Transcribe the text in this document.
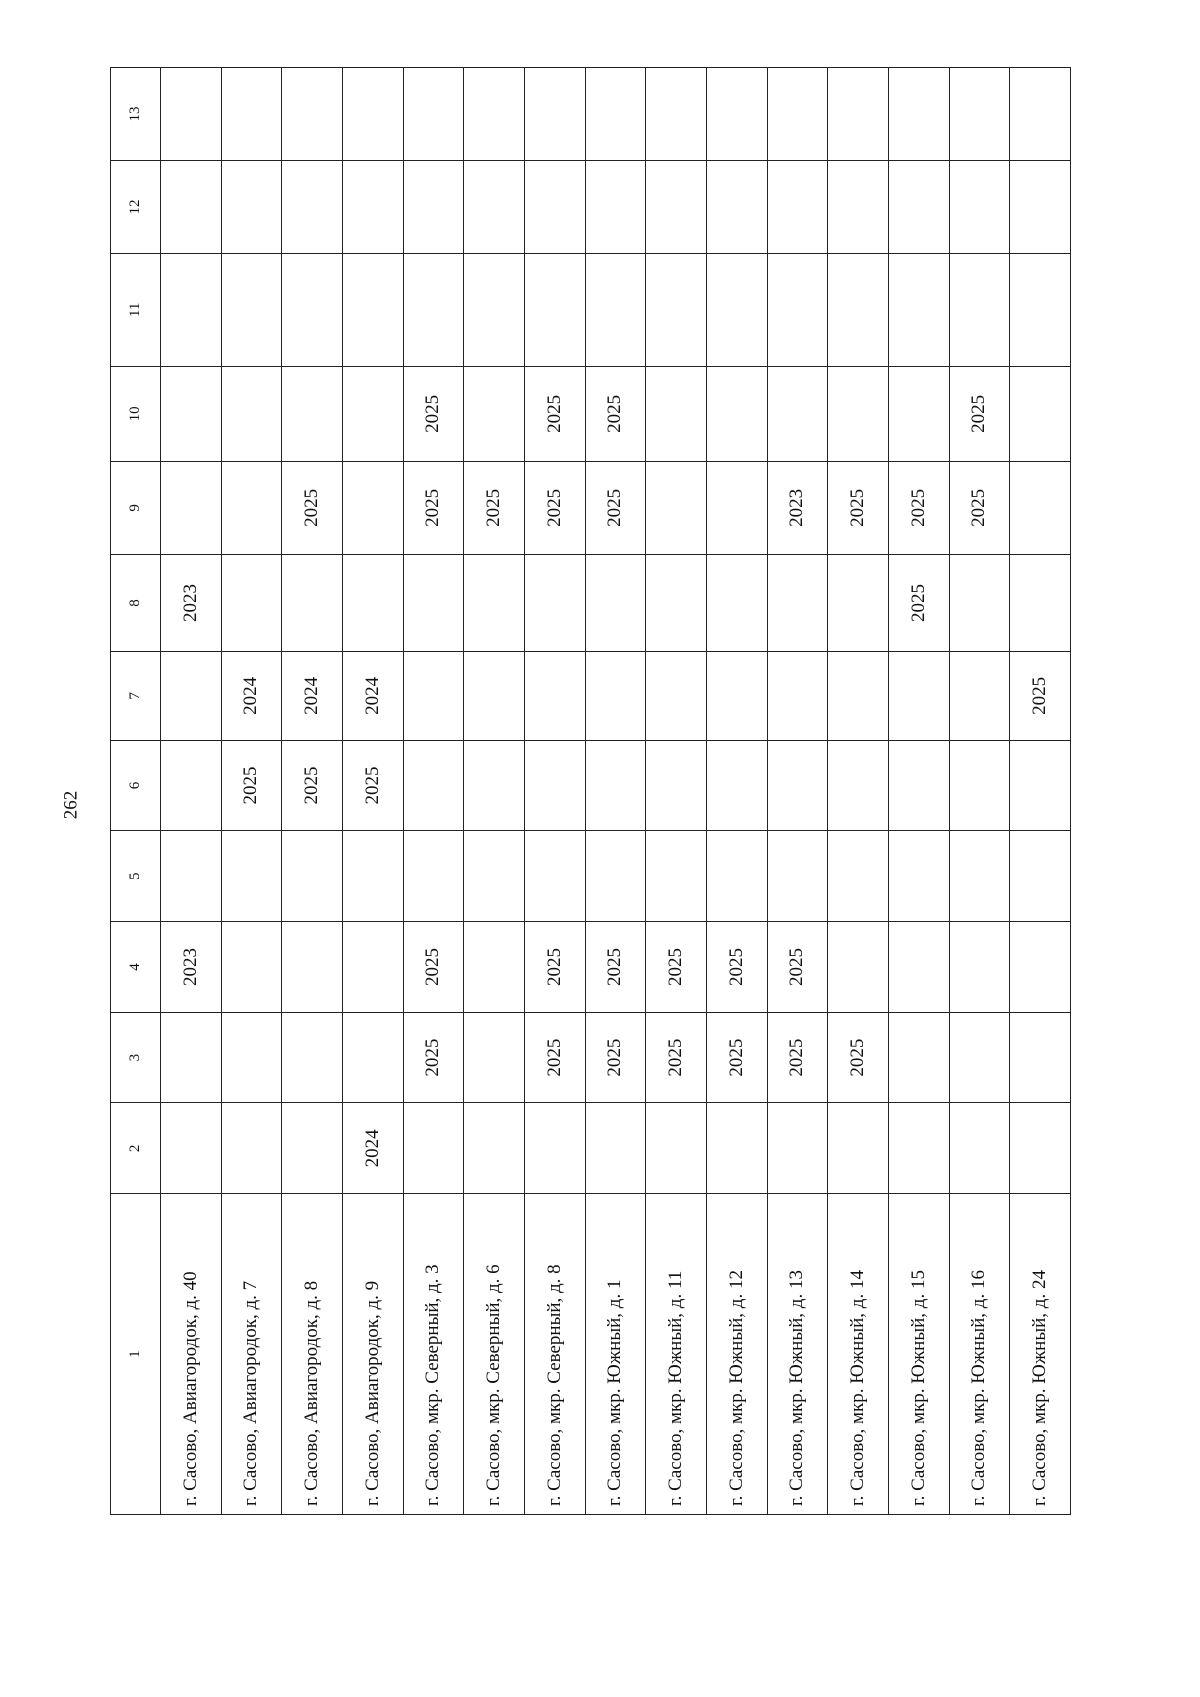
262
1	2	3	4	5	6	7	8	9	10	11	12	13
г. Сасово, Авиагородок, д. 40			2023				2023					
г. Сасово, Авиагородок, д. 7					2025	2024						
г. Сасово, Авиагородок, д. 8					2025	2024		2025				
г. Сасово, Авиагородок, д. 9	2024				2025	2024						
г. Сасово, мкр. Северный, д. 3		2025	2025					2025	2025			
г. Сасово, мкр. Северный, д. 6								2025				
г. Сасово, мкр. Северный, д. 8		2025	2025					2025	2025			
г. Сасово, мкр. Южный, д. 1		2025	2025					2025	2025			
г. Сасово, мкр. Южный, д. 11		2025	2025									
г. Сасово, мкр. Южный, д. 12		2025	2025									
г. Сасово, мкр. Южный, д. 13		2025	2025					2023				
г. Сасово, мкр. Южный, д. 14		2025						2025				
г. Сасово, мкр. Южный, д. 15							2025	2025				
г. Сасово, мкр. Южный, д. 16								2025	2025			
г. Сасово, мкр. Южный, д. 24						2025						
